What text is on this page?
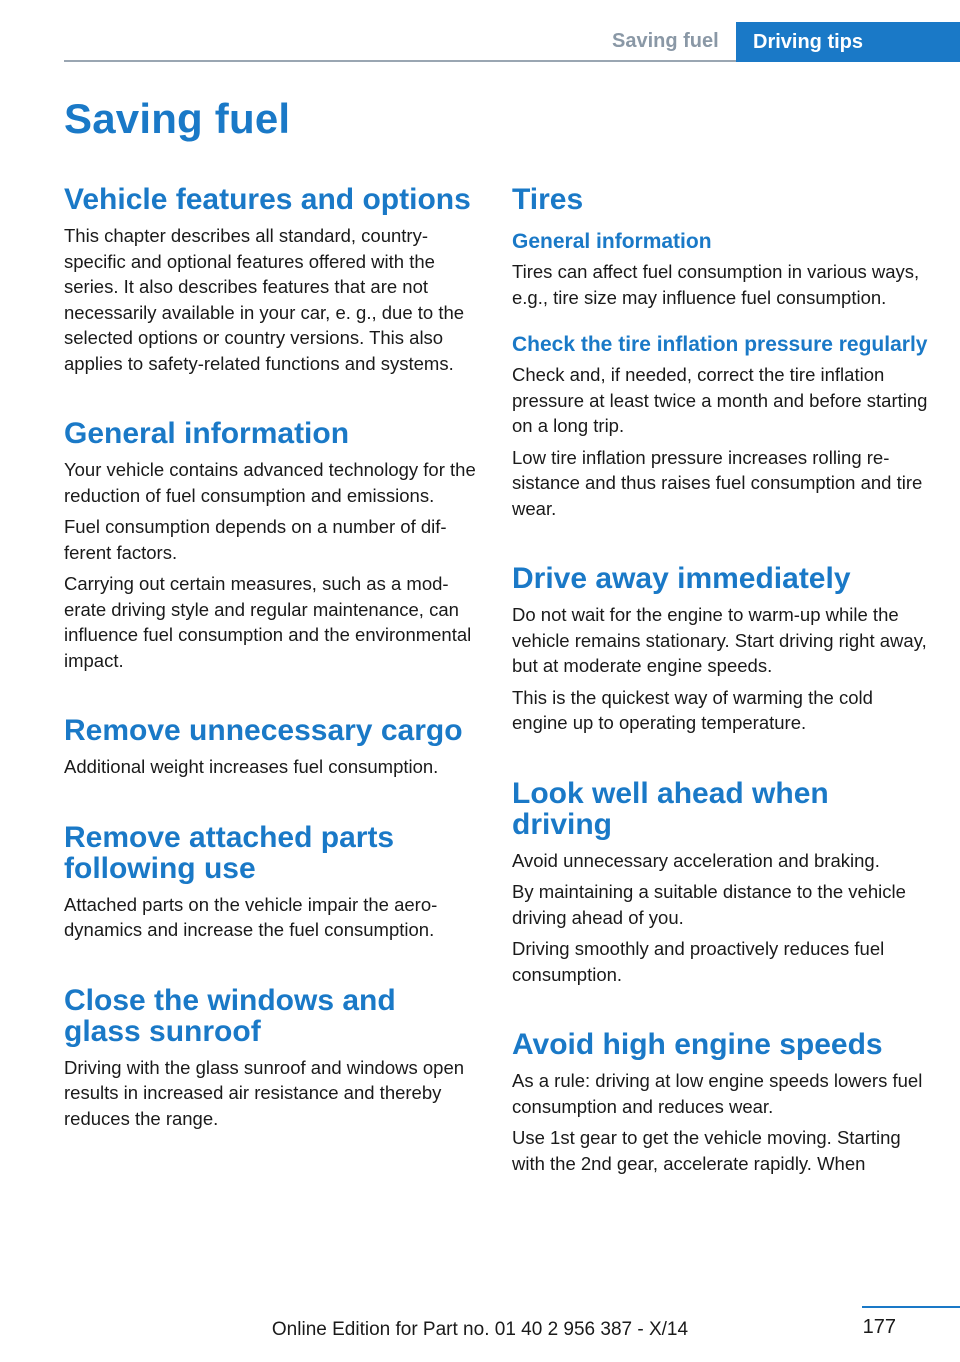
Saving fuel	Driving tips
Saving fuel
Vehicle features and options

This chapter describes all standard, country-specific and optional features offered with the series. It also describes features that are not necessarily available in your car, e. g., due to the selected options or country versions. This also applies to safety-related functions and systems.

General information

Your vehicle contains advanced technology for the reduction of fuel consumption and emissions.

Fuel consumption depends on a number of different factors.

Carrying out certain measures, such as a moderate driving style and regular maintenance, can influence fuel consumption and the environmental impact.

Remove unnecessary cargo

Additional weight increases fuel consumption.

Remove attached parts following use

Attached parts on the vehicle impair the aerodynamics and increase the fuel consumption.

Close the windows and glass sunroof

Driving with the glass sunroof and windows open results in increased air resistance and thereby reduces the range.

Tires
General information

Tires can affect fuel consumption in various ways, e.g., tire size may influence fuel consumption.

Check the tire inflation pressure regularly

Check and, if needed, correct the tire inflation pressure at least twice a month and before starting on a long trip.

Low tire inflation pressure increases rolling resistance and thus raises fuel consumption and tire wear.

Drive away immediately

Do not wait for the engine to warm-up while the vehicle remains stationary. Start driving right away, but at moderate engine speeds.

This is the quickest way of warming the cold engine up to operating temperature.

Look well ahead when driving

Avoid unnecessary acceleration and braking.

By maintaining a suitable distance to the vehicle driving ahead of you.

Driving smoothly and proactively reduces fuel consumption.

Avoid high engine speeds

As a rule: driving at low engine speeds lowers fuel consumption and reduces wear.

Use 1st gear to get the vehicle moving. Starting with the 2nd gear, accelerate rapidly. When

177
Online Edition for Part no. 01 40 2 956 387 - X/14
